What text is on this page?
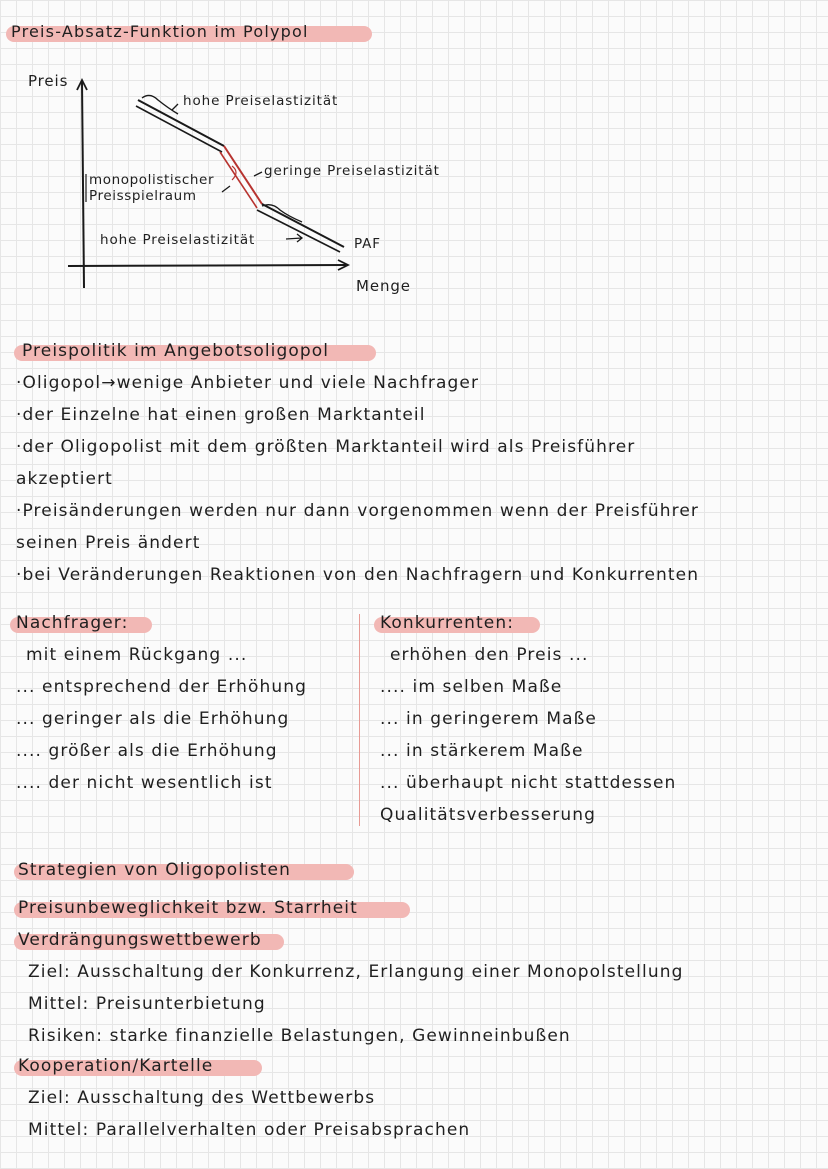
Preis-Absatz-Funktion im Polypol
Preis
Menge
PAF
hohe Preiselastizität
geringe Preiselastizität
monopolistischer
Preisspielraum
hohe Preiselastizität
Preispolitik im Angebotsoligopol
·Oligopol→wenige Anbieter und viele Nachfrager
·der Einzelne hat einen großen Marktanteil
·der Oligopolist mit dem größten Marktanteil wird als Preisführer
akzeptiert
·Preisänderungen werden nur dann vorgenommen wenn der Preisführer
seinen Preis ändert
·bei Veränderungen Reaktionen von den Nachfragern und Konkurrenten
Nachfrager:
mit einem Rückgang ...
... entsprechend der Erhöhung
... geringer als die Erhöhung
.... größer als die Erhöhung
.... der nicht wesentlich ist
Konkurrenten:
erhöhen den Preis ...
.... im selben Maße
... in geringerem Maße
... in stärkerem Maße
... überhaupt nicht stattdessen
Qualitätsverbesserung
Strategien von Oligopolisten
Preisunbeweglichkeit bzw. Starrheit
Verdrängungswettbewerb
Ziel: Ausschaltung der Konkurrenz, Erlangung einer Monopolstellung
Mittel: Preisunterbietung
Risiken: starke finanzielle Belastungen, Gewinneinbußen
Kooperation/Kartelle
Ziel: Ausschaltung des Wettbewerbs
Mittel: Parallelverhalten oder Preisabsprachen
